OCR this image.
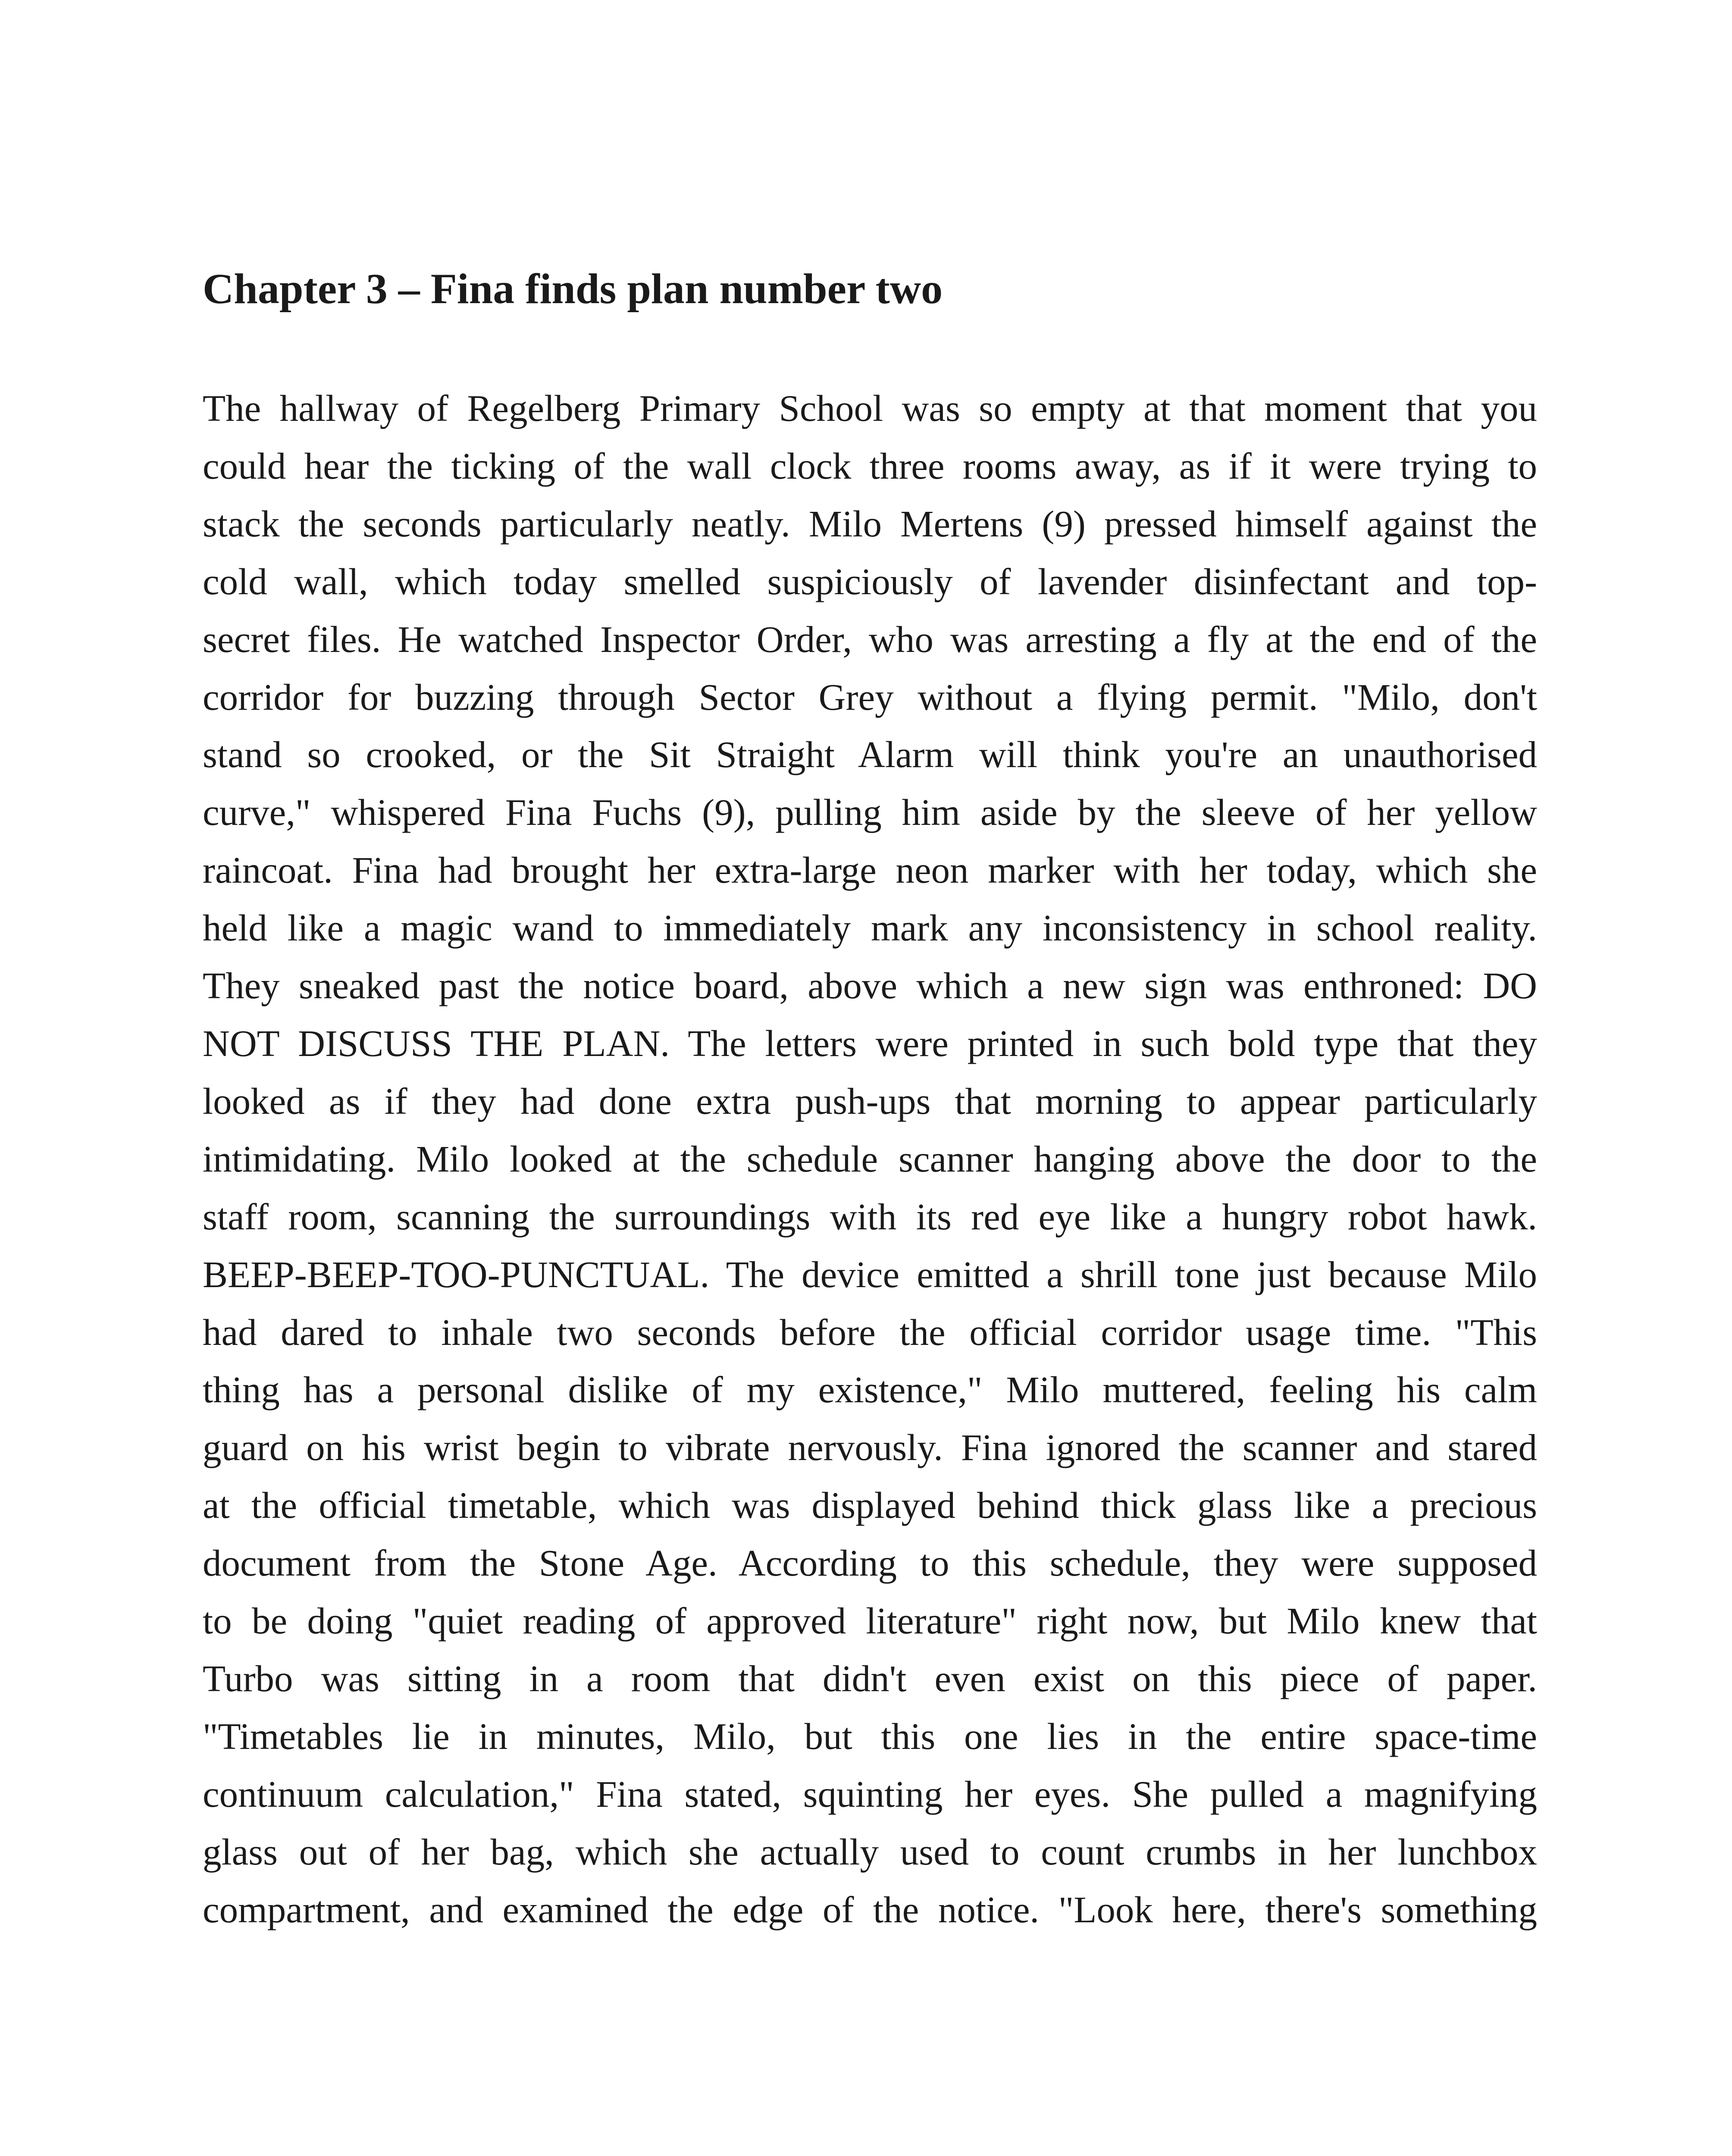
Chapter 3 – Fina finds plan number two
The hallway of Regelberg Primary School was so empty at that moment that you
could hear the ticking of the wall clock three rooms away, as if it were trying to
stack the seconds particularly neatly. Milo Mertens (9) pressed himself against the
cold wall, which today smelled suspiciously of lavender disinfectant and top-
secret files. He watched Inspector Order, who was arresting a fly at the end of the
corridor for buzzing through Sector Grey without a flying permit. "Milo, don't
stand so crooked, or the Sit Straight Alarm will think you're an unauthorised
curve," whispered Fina Fuchs (9), pulling him aside by the sleeve of her yellow
raincoat. Fina had brought her extra-large neon marker with her today, which she
held like a magic wand to immediately mark any inconsistency in school reality.
They sneaked past the notice board, above which a new sign was enthroned: DO
NOT DISCUSS THE PLAN. The letters were printed in such bold type that they
looked as if they had done extra push-ups that morning to appear particularly
intimidating. Milo looked at the schedule scanner hanging above the door to the
staff room, scanning the surroundings with its red eye like a hungry robot hawk.
BEEP-BEEP-TOO-PUNCTUAL. The device emitted a shrill tone just because Milo
had dared to inhale two seconds before the official corridor usage time. "This
thing has a personal dislike of my existence," Milo muttered, feeling his calm
guard on his wrist begin to vibrate nervously. Fina ignored the scanner and stared
at the official timetable, which was displayed behind thick glass like a precious
document from the Stone Age. According to this schedule, they were supposed
to be doing "quiet reading of approved literature" right now, but Milo knew that
Turbo was sitting in a room that didn't even exist on this piece of paper.
"Timetables lie in minutes, Milo, but this one lies in the entire space-time
continuum calculation," Fina stated, squinting her eyes. She pulled a magnifying
glass out of her bag, which she actually used to count crumbs in her lunchbox
compartment, and examined the edge of the notice. "Look here, there's something
